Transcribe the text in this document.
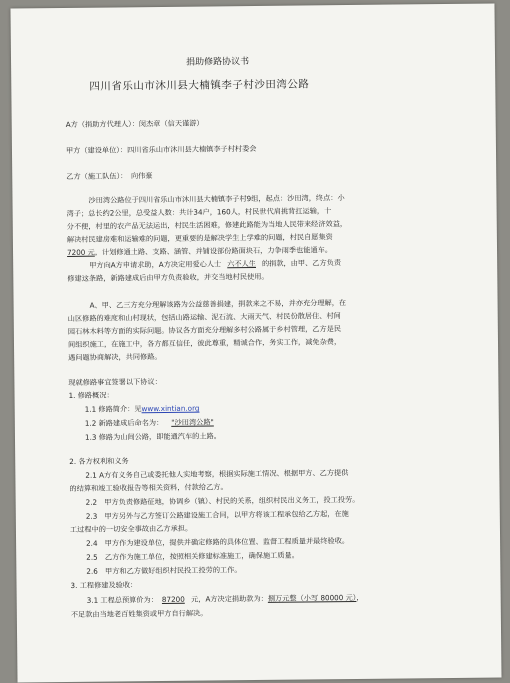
捐助修路协议书
四川省乐山市沐川县大楠镇李子村沙田湾公路
A方（捐助方代理人）：闵杰章（信天谨游）
甲方（建设单位）：四川省乐山市沐川县大楠镇李子村村委会
乙方（施工队伍）：　向伟豪
沙田湾公路位于四川省乐山市沐川县大楠镇李子村9组，起点：沙田湾，终点：小
湾子；总长约2公里，总受益人数：共计34户，160人，村民世代肩挑背扛运输，十
分不便，村里的农产品无法运出，村民生活困难，修建此路能为当地人民带来经济效益，
解决村民建房难和运输难的问题，更重要的是解决学生上学难的问题，村民自愿集资
7200 元，计划修通土路、支路、涵管、并铺设部份路面块石，力争雨季也能通车。
甲方向A方申请求助，A方决定用爱心人士 六不人生 的捐款，由甲、乙方负责
修建这条路，新路建成后由甲方负责验收，并交当地村民使用。
A、甲、乙三方充分理解该路为公益慈善捐建，捐款来之不易，并亦充分理解，在
山区修路的难度和山村现状，包括山路运输、泥石流、大雨天气、村民份散居住、村间
园石林木料等方面的实际问题。协议各方面充分理解多村公路属于乡村管理，乙方是民
间组织施工，在施工中，各方都互信任，彼此尊重，精诚合作，务实工作，减免杂费，
遇问题协商解决，共同修路。
现就修路事宜签署以下协议：
1. 修路概况：
1.1 修路简介：见www.xintian.org
1.2 新路建成后命名为： "沙田湾公路"
1.3 修路为山间公路，即能通汽车的土路。
2. 各方权利和义务
2.1 A方有义务自己或委托他人实地考察，根据实际施工情况、根据甲方、乙方提供
的结算和竣工验收报告等相关资料，付款给乙方。
2.2　甲方负责修路征地，协调乡（镇）、村民的关系，组织村民出义务工，投工投劳。
2.3　甲方另外与乙方签订公路建设施工合同，以甲方将该工程承包给乙方起，在施
工过程中的一切安全事故由乙方承担。
2.4　甲方作为建设单位，提供并确定修路的具体位置、监督工程质量并最终验收。
2.5　乙方作为施工单位，按照相关修建标准施工，确保施工质量。
2.6　甲方和乙方做好组织村民投工投劳的工作。
3. 工程修建及验收：
3.1 工程总预算价为： 87200 元，A方决定捐助款为：捌万元整（小写 80000 元），
不足款由当地老百姓集资或甲方自行解决。
